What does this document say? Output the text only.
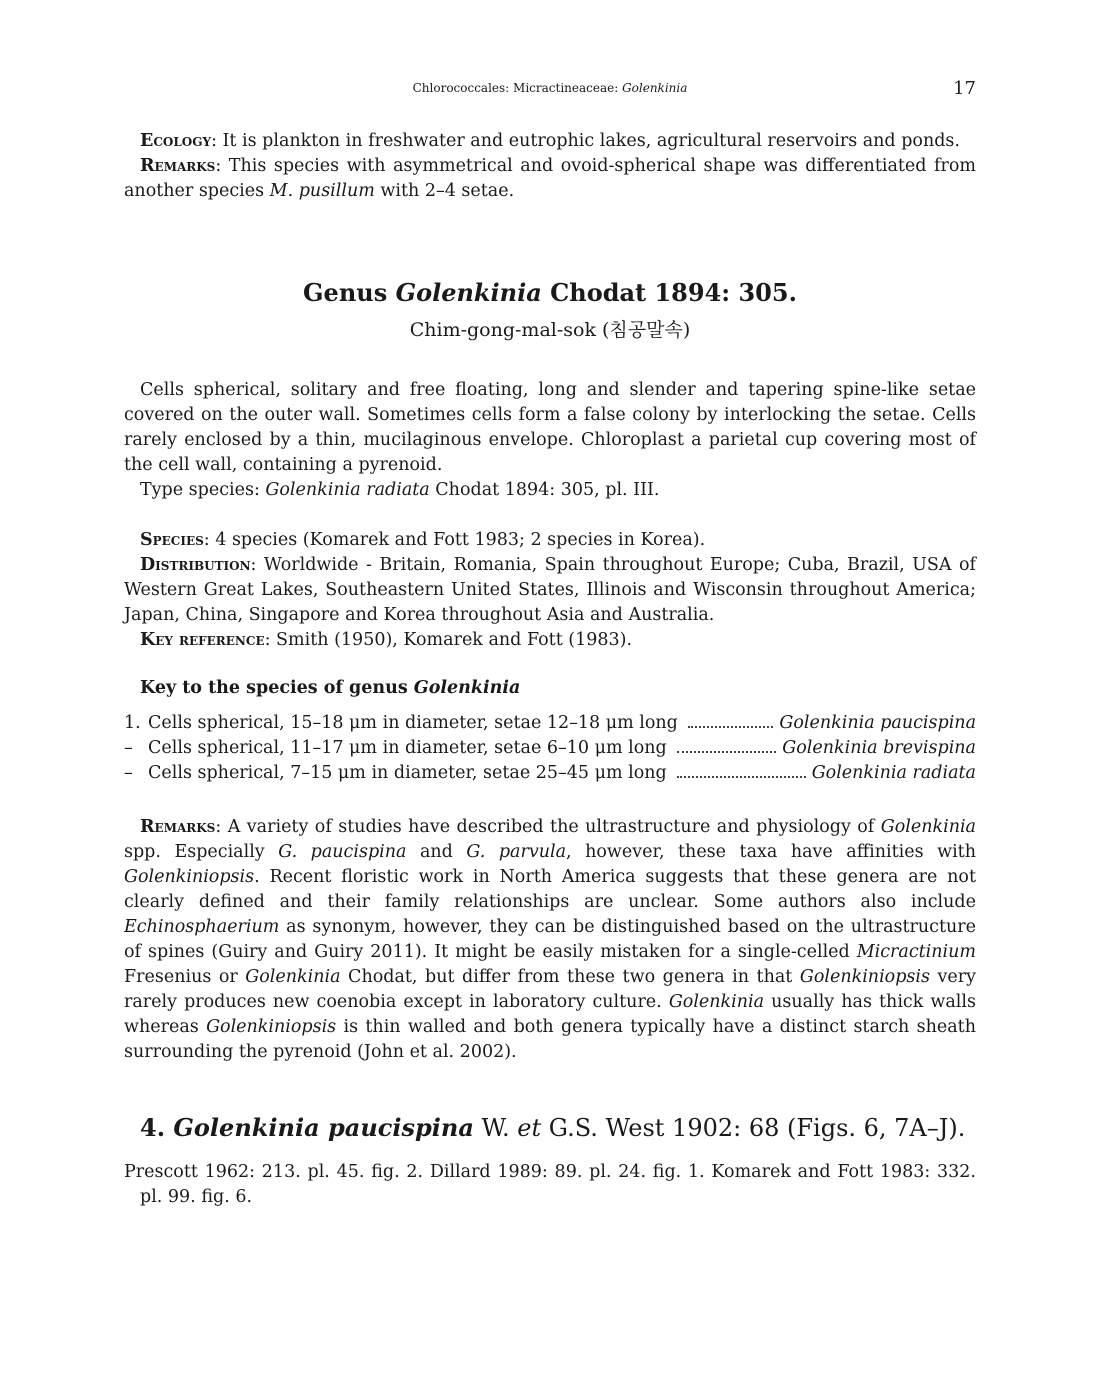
Chlorococcales: Micractineaceae: Golenkinia	17

Ecology: It is plankton in freshwater and eutrophic lakes, agricultural reservoirs and ponds.

Remarks: This species with asymmetrical and ovoid-spherical shape was differentiated from another species M. pusillum with 2–4 setae.

Genus Golenkinia Chodat 1894: 305.

Chim-gong-mal-sok (침공말속)

Cells spherical, solitary and free floating, long and slender and tapering spine-like setae covered on the outer wall. Sometimes cells form a false colony by interlocking the setae. Cells rarely enclosed by a thin, mucilaginous envelope. Chloroplast a parietal cup covering most of the cell wall, containing a pyrenoid.

Type species: Golenkinia radiata Chodat 1894: 305, pl. III.

Species: 4 species (Komarek and Fott 1983; 2 species in Korea).

Distribution: Worldwide - Britain, Romania, Spain throughout Europe; Cuba, Brazil, USA of Western Great Lakes, Southeastern United States, Illinois and Wisconsin throughout America; Japan, China, Singapore and Korea throughout Asia and Australia.

Key reference: Smith (1950), Komarek and Fott (1983).

Key to the species of genus Golenkinia

1. Cells spherical, 15–18 μm in diameter, setae 12–18 μm long	Golenkinia paucispina
– Cells spherical, 11–17 μm in diameter, setae 6–10 μm long	Golenkinia brevispina
– Cells spherical, 7–15 μm in diameter, setae 25–45 μm long	Golenkinia radiata

Remarks: A variety of studies have described the ultrastructure and physiology of Golenkinia spp. Especially G. paucispina and G. parvula, however, these taxa have affinities with Golenkiniopsis. Recent floristic work in North America suggests that these genera are not clearly defined and their family relationships are unclear. Some authors also include Echinosphaerium as synonym, however, they can be distinguished based on the ultrastructure of spines (Guiry and Guiry 2011). It might be easily mistaken for a single-celled Micractinium Fresenius or Golenkinia Chodat, but differ from these two genera in that Golenkiniopsis very rarely produces new coenobia except in laboratory culture. Golenkinia usually has thick walls whereas Golenkiniopsis is thin walled and both genera typically have a distinct starch sheath surrounding the pyrenoid (John et al. 2002).

4. Golenkinia paucispina W. et G.S. West 1902: 68 (Figs. 6, 7A–J).

Prescott 1962: 213. pl. 45. fig. 2. Dillard 1989: 89. pl. 24. fig. 1. Komarek and Fott 1983: 332. pl. 99. fig. 6.
